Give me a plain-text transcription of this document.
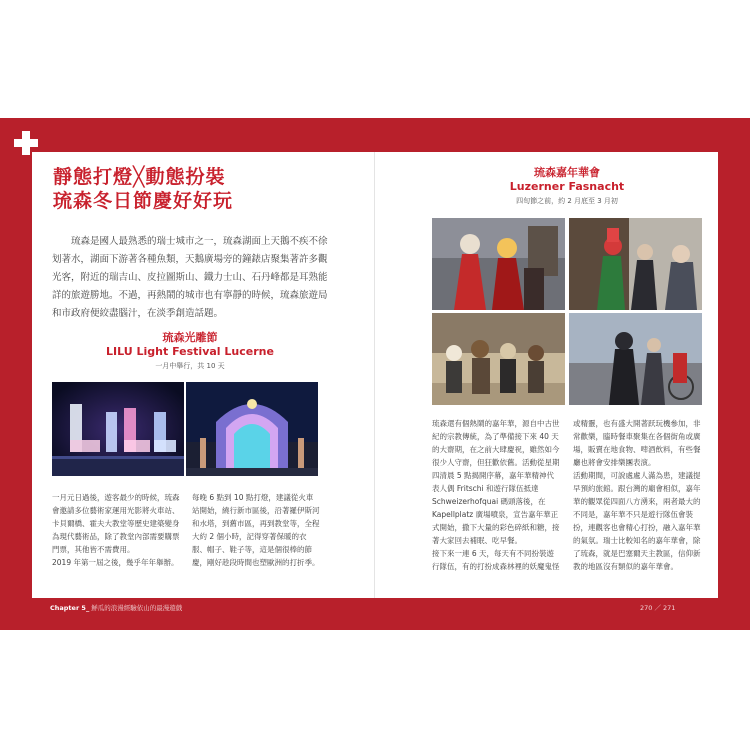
靜態打燈╳動態扮裝
琉森冬日節慶好好玩
琉森是國人最熟悉的瑞士城市之一，琉森湖面上天鵝不疾不徐划著水，湖面下游著各種魚類，天鵝廣場旁的鐘錶店聚集著許多觀光客，附近的瑞吉山、皮拉圖斯山、鐵力士山、石丹峰都是耳熟能詳的旅遊勝地。不過，再熱鬧的城市也有寧靜的時候，琉森旅遊局和市政府便絞盡腦汁，在淡季創造話題。
琉森光雕節
LILU Light Festival Lucerne
一月中舉行，共 10 天
一月元日過後，遊客最少的時候，琉森會邀請多位藝術家運用光影將火車站、卡貝爾橋、霍夫大教堂等歷史建築變身為現代藝術品，除了教堂內部需要購票門票，其他皆不需費用。
2019 年第一屆之後，幾乎年年舉辦。
每晚 6 點到 10 點打燈，建議從火車站開始，繞行新市區後，沿著羅伊斯河和水塔，到舊市區，再到教堂等，全程大約 2 個小時，記得穿著保暖的衣服、帽子、鞋子等，這是個很棒的節慶，剛好趁段時間也塑歐洲的打折季。
琉森嘉年華會
Luzerner Fasnacht
四旬節之前，約 2 月底至 3 月初
琉森還有個熱鬧的嘉年華，源自中古世紀的宗教傳統，為了準備接下來 40 天的大齋期，在之前大肆慶祝，雖然如今很少人守齋，但狂歡依舊。活動從星期四清晨 5 點揭開序幕，嘉年華精神代表人偶 Fritschi 和遊行隊伍抵達 Schweizerhofquai 碼頭落後，在 Kapellplatz 廣場噴泉，宣告嘉年華正式開始，撒下大量的彩色碎紙和糖，接著大家回去補眠、吃早餐。
接下來一連 6 天，每天有不同扮裝遊行隊伍，有的打扮成森林裡的妖魔鬼怪
或精靈，也有盛大開著跃玩機參加，非常歡樂，臨時餐車聚集在各個街角或廣場，販賣在地食物、啤酒飲料，有些餐廳也將會安排樂團表演。
活動期間，可說處處人滿為患，建議提早預約旅館。跟台灣的廟會相似，嘉年華的觀眾從四面八方湧來，兩者最大的不同是，嘉年華不只是遊行隊伍會裝扮，連觀客也會精心打扮，融入嘉年華的氣氛。瑞士比較知名的嘉年華會，除了琉森，就是巴塞爾天主教區，信仰新教的地區沒有類似的嘉年華會。
Chapter 5_ 鮮瓜的浪漫經驗依山的最漫遊戲	270 ／ 271
